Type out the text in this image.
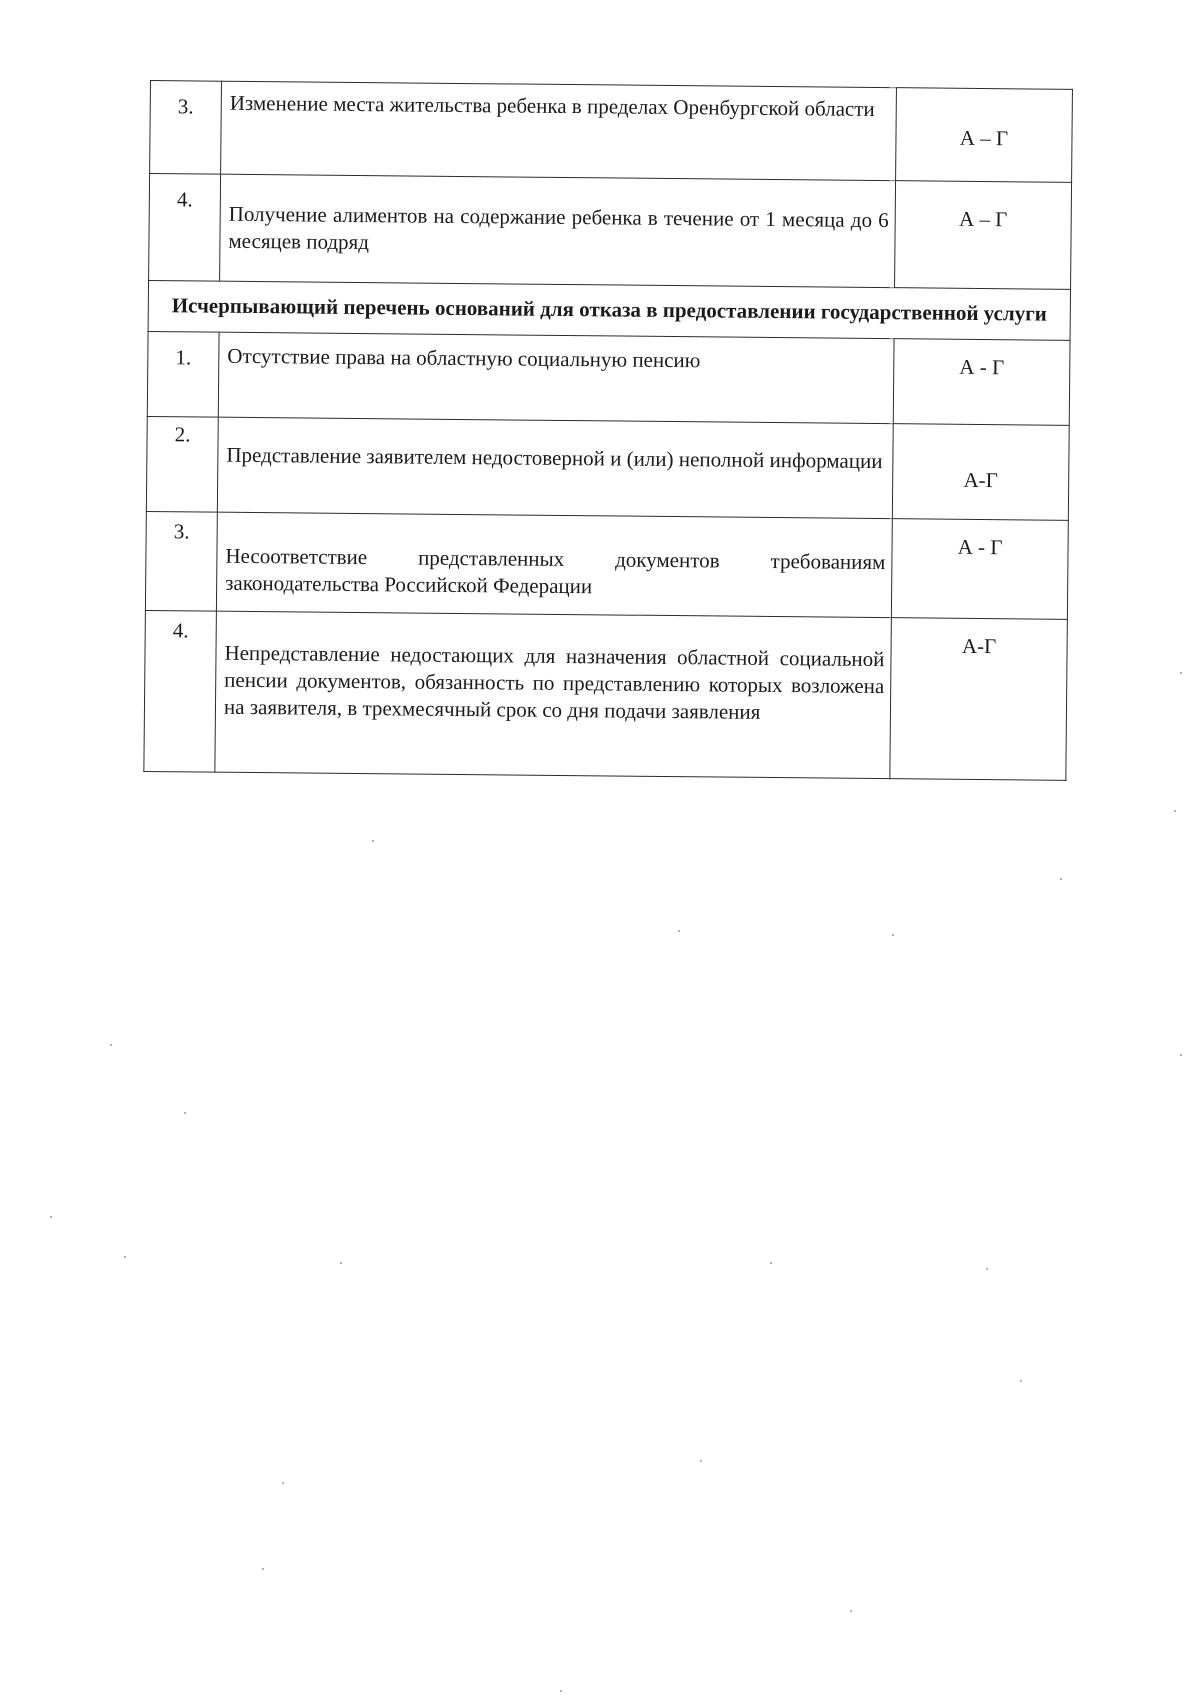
3.	Изменение места жительства ребенка в пределах Оренбургской области	А – Г
4.	Получение алиментов на содержание ребенка в течение от 1 месяца до 6 месяцев подряд	А – Г
Исчерпывающий перечень оснований для отказа в предоставлении государственной услуги		
1.	Отсутствие права на областную социальную пенсию	А - Г
2.	Представление заявителем недостоверной и (или) неполной информации	А-Г
3.	Несоответствие представленных документов требованиям законодательства Российской Федерации	А - Г
4.	Непредставление недостающих для назначения областной социальной пенсии документов, обязанность по представлению которых возложена на заявителя, в трехмесячный срок со дня подачи заявления	А-Г
